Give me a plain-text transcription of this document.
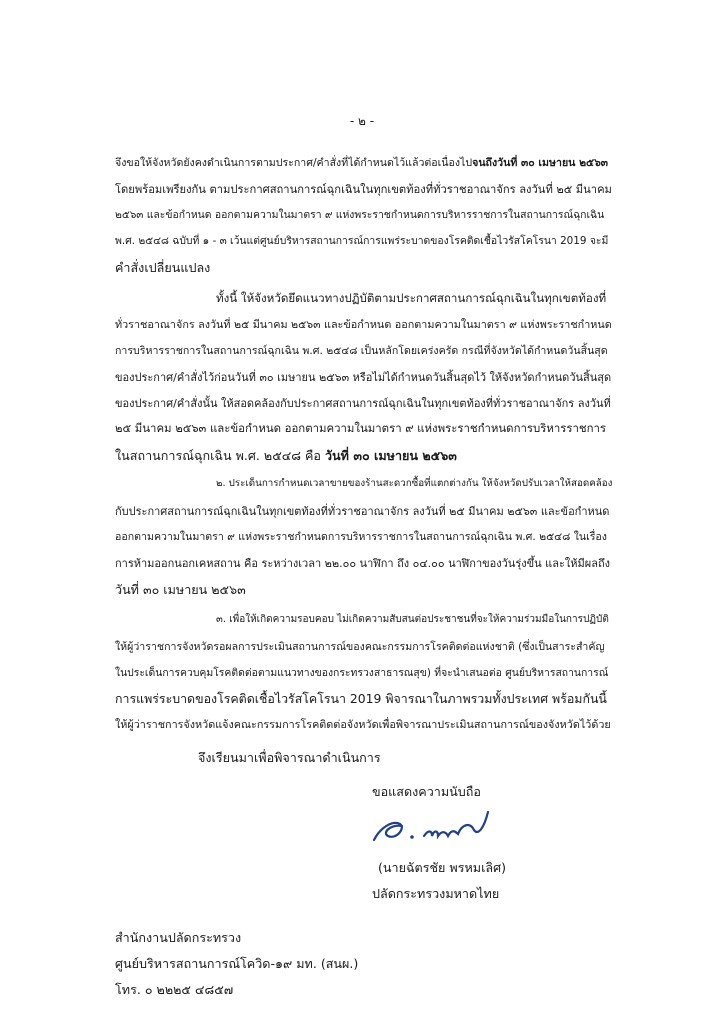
- ๒ -
จึงขอให้จังหวัดยังคงดำเนินการตามประกาศ/คำสั่งที่ได้กำหนดไว้แล้วต่อเนื่องไปจนถึงวันที่ ๓๐ เมษายน ๒๕๖๓
โดยพร้อมเพรียงกัน ตามประกาศสถานการณ์ฉุกเฉินในทุกเขตท้องที่ทั่วราชอาณาจักร ลงวันที่ ๒๕ มีนาคม
๒๕๖๓ และข้อกำหนด ออกตามความในมาตรา ๙ แห่งพระราชกำหนดการบริหารราชการในสถานการณ์ฉุกเฉิน
พ.ศ. ๒๕๔๘ ฉบับที่ ๑ - ๓ เว้นแต่ศูนย์บริหารสถานการณ์การแพร่ระบาดของโรคติดเชื้อไวรัสโคโรนา 2019 จะมี
คำสั่งเปลี่ยนแปลง
ทั้งนี้ ให้จังหวัดยึดแนวทางปฏิบัติตามประกาศสถานการณ์ฉุกเฉินในทุกเขตท้องที่
ทั่วราชอาณาจักร ลงวันที่ ๒๕ มีนาคม ๒๕๖๓ และข้อกำหนด ออกตามความในมาตรา ๙ แห่งพระราชกำหนด
การบริหารราชการในสถานการณ์ฉุกเฉิน พ.ศ. ๒๕๔๘ เป็นหลักโดยเคร่งครัด กรณีที่จังหวัดได้กำหนดวันสิ้นสุด
ของประกาศ/คำสั่งไว้ก่อนวันที่ ๓๐ เมษายน ๒๕๖๓ หรือไม่ได้กำหนดวันสิ้นสุดไว้ ให้จังหวัดกำหนดวันสิ้นสุด
ของประกาศ/คำสั่งนั้น ให้สอดคล้องกับประกาศสถานการณ์ฉุกเฉินในทุกเขตท้องที่ทั่วราชอาณาจักร ลงวันที่
๒๕ มีนาคม ๒๕๖๓ และข้อกำหนด ออกตามความในมาตรา ๙ แห่งพระราชกำหนดการบริหารราชการ
ในสถานการณ์ฉุกเฉิน พ.ศ. ๒๕๔๘ คือ วันที่ ๓๐ เมษายน ๒๕๖๓
๒. ประเด็นการกำหนดเวลาขายของร้านสะดวกซื้อที่แตกต่างกัน ให้จังหวัดปรับเวลาให้สอดคล้อง
กับประกาศสถานการณ์ฉุกเฉินในทุกเขตท้องที่ทั่วราชอาณาจักร ลงวันที่ ๒๕ มีนาคม ๒๕๖๓ และข้อกำหนด
ออกตามความในมาตรา ๙ แห่งพระราชกำหนดการบริหารราชการในสถานการณ์ฉุกเฉิน พ.ศ. ๒๕๔๘ ในเรื่อง
การห้ามออกนอกเคหสถาน คือ ระหว่างเวลา ๒๒.๐๐ นาฬิกา ถึง ๐๔.๐๐ นาฬิกาของวันรุ่งขึ้น และให้มีผลถึง
วันที่ ๓๐ เมษายน ๒๕๖๓
๓. เพื่อให้เกิดความรอบคอบ ไม่เกิดความสับสนต่อประชาชนที่จะให้ความร่วมมือในการปฏิบัติ
ให้ผู้ว่าราชการจังหวัดรอผลการประเมินสถานการณ์ของคณะกรรมการโรคติดต่อแห่งชาติ (ซึ่งเป็นสาระสำคัญ
ในประเด็นการควบคุมโรคติดต่อตามแนวทางของกระทรวงสาธารณสุข) ที่จะนำเสนอต่อ ศูนย์บริหารสถานการณ์
การแพร่ระบาดของโรคติดเชื้อไวรัสโคโรนา 2019 พิจารณาในภาพรวมทั้งประเทศ พร้อมกันนี้
ให้ผู้ว่าราชการจังหวัดแจ้งคณะกรรมการโรคติดต่อจังหวัดเพื่อพิจารณาประเมินสถานการณ์ของจังหวัดไว้ด้วย
จึงเรียนมาเพื่อพิจารณาดำเนินการ
ขอแสดงความนับถือ
(นายฉัตรชัย พรหมเลิศ)
ปลัดกระทรวงมหาดไทย
สำนักงานปลัดกระทรวง
ศูนย์บริหารสถานการณ์โควิด-๑๙ มท. (สนผ.)
โทร. ๐ ๒๒๒๕ ๔๘๕๗
